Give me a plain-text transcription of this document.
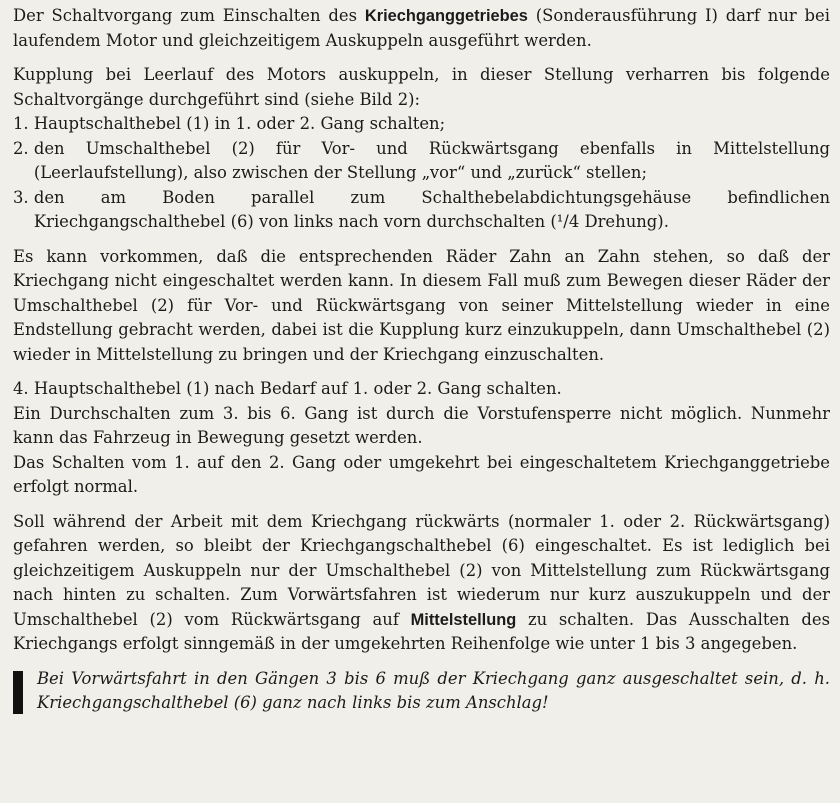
Der Schaltvorgang zum Einschalten des Kriechganggetriebes (Sonderausführung I) darf nur bei laufendem Motor und gleichzeitigem Auskuppeln ausgeführt werden.

Kupplung bei Leerlauf des Motors auskuppeln, in dieser Stellung verharren bis folgende Schaltvorgänge durchgeführt sind (siehe Bild 2):

1. Hauptschalthebel (1) in 1. oder 2. Gang schalten;
2. den Umschalthebel (2) für Vor- und Rückwärtsgang ebenfalls in Mittelstellung (Leerlaufstellung), also zwischen der Stellung „vor“ und „zurück“ stellen;
3. den am Boden parallel zum Schalthebelabdichtungsgehäuse befindlichen Kriechgangschalthebel (6) von links nach vorn durchschalten (¹/4 Drehung).

Es kann vorkommen, daß die entsprechenden Räder Zahn an Zahn stehen, so daß der Kriechgang nicht eingeschaltet werden kann. In diesem Fall muß zum Bewegen dieser Räder der Umschalthebel (2) für Vor- und Rückwärtsgang von seiner Mittelstellung wieder in eine Endstellung gebracht werden, dabei ist die Kupplung kurz einzukuppeln, dann Umschalthebel (2) wieder in Mittelstellung zu bringen und der Kriechgang einzuschalten.

4. Hauptschalthebel (1) nach Bedarf auf 1. oder 2. Gang schalten.

Ein Durchschalten zum 3. bis 6. Gang ist durch die Vorstufensperre nicht möglich. Nunmehr kann das Fahrzeug in Bewegung gesetzt werden.

Das Schalten vom 1. auf den 2. Gang oder umgekehrt bei eingeschaltetem Kriechganggetriebe erfolgt normal.

Soll während der Arbeit mit dem Kriechgang rückwärts (normaler 1. oder 2. Rückwärtsgang) gefahren werden, so bleibt der Kriechgangschalthebel (6) eingeschaltet. Es ist lediglich bei gleichzeitigem Auskuppeln nur der Umschalthebel (2) von Mittelstellung zum Rückwärtsgang nach hinten zu schalten. Zum Vorwärtsfahren ist wiederum nur kurz auszukuppeln und der Umschalthebel (2) vom Rückwärtsgang auf Mittelstellung zu schalten. Das Ausschalten des Kriechgangs erfolgt sinngemäß in der umgekehrten Reihenfolge wie unter 1 bis 3 angegeben.

Bei Vorwärtsfahrt in den Gängen 3 bis 6 muß der Kriechgang ganz ausgeschaltet sein, d. h. Kriechgangschalthebel (6) ganz nach links bis zum Anschlag!
